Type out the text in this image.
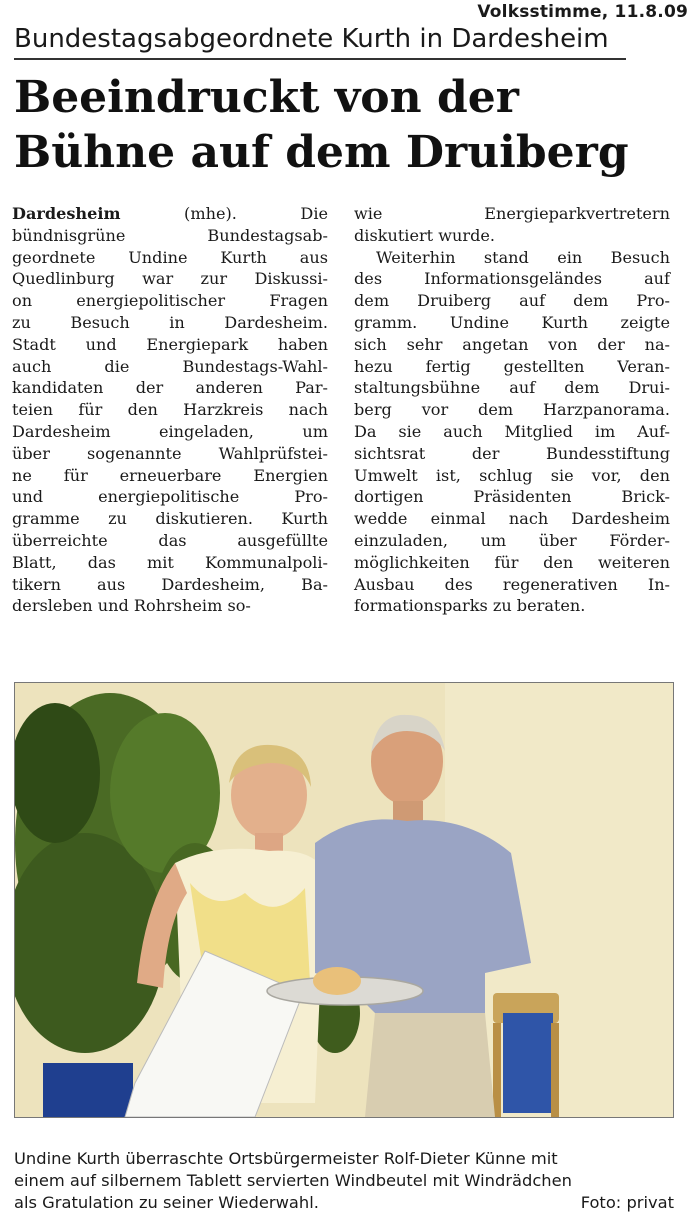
Volksstimme, 11.8.09
Bundestagsabgeordnete Kurth in Dardesheim
Beeindruckt von der
Bühne auf dem Druiberg
Dardesheim (mhe). Die
bündnisgrüne Bundestagsab-
geordnete Undine Kurth aus
Quedlinburg war zur Diskussi-
on energiepolitischer Fragen
zu Besuch in Dardesheim.
Stadt und Energiepark haben
auch die Bundestags-Wahl-
kandidaten der anderen Par-
teien für den Harzkreis nach
Dardesheim eingeladen, um
über sogenannte Wahlprüfstei-
ne für erneuerbare Energien
und energiepolitische Pro-
gramme zu diskutieren. Kurth
überreichte das ausgefüllte
Blatt, das mit Kommunalpoli-
tikern aus Dardesheim, Ba-
dersleben und Rohrsheim so-
wie Energieparkvertretern
diskutiert wurde.
Weiterhin stand ein Besuch
des Informationsgeländes auf
dem Druiberg auf dem Pro-
gramm. Undine Kurth zeigte
sich sehr angetan von der na-
hezu fertig gestellten Veran-
staltungsbühne auf dem Drui-
berg vor dem Harzpanorama.
Da sie auch Mitglied im Auf-
sichtsrat der Bundesstiftung
Umwelt ist, schlug sie vor, den
dortigen Präsidenten Brick-
wedde einmal nach Dardesheim
einzuladen, um über Förder-
möglichkeiten für den weiteren
Ausbau des regenerativen In-
formationsparks zu beraten.
Undine Kurth überraschte Ortsbürgermeister Rolf-Dieter Künne mit
einem auf silbernem Tablett servierten Windbeutel mit Windrädchen
als Gratulation zu seiner Wiederwahl.	Foto: privat
